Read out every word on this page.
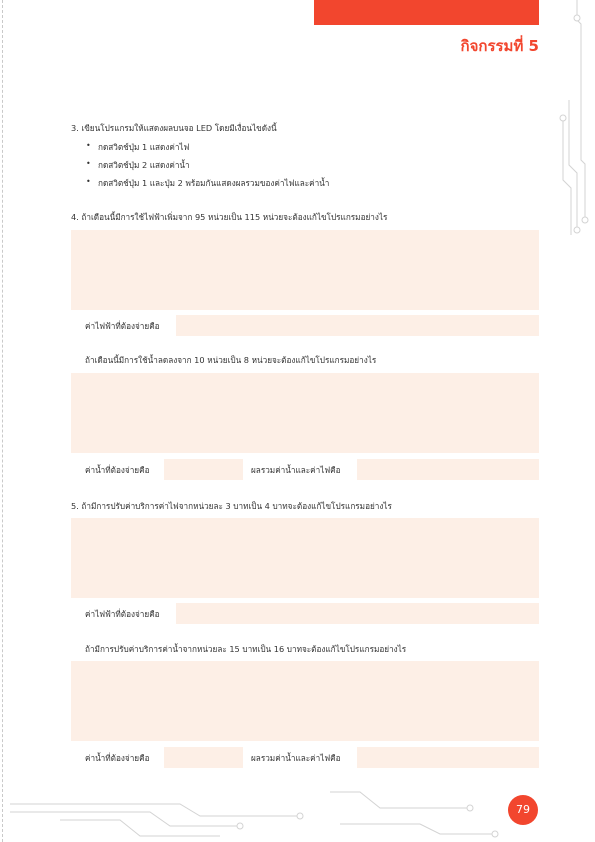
กิจกรรมที่ 5
3. เขียนโปรแกรมให้แสดงผลบนจอ LED โดยมีเงื่อนไขดังนี้
• กดสวิตช์ปุ่ม 1 แสดงค่าไฟ
• กดสวิตช์ปุ่ม 2 แสดงค่าน้ำ
• กดสวิตช์ปุ่ม 1 และปุ่ม 2 พร้อมกันแสดงผลรวมของค่าไฟและค่าน้ำ
4. ถ้าเดือนนี้มีการใช้ไฟฟ้าเพิ่มจาก 95 หน่วยเป็น 115 หน่วยจะต้องแก้ไขโปรแกรมอย่างไร
ค่าไฟฟ้าที่ต้องจ่ายคือ
ถ้าเดือนนี้มีการใช้น้ำลดลงจาก 10 หน่วยเป็น 8 หน่วยจะต้องแก้ไขโปรแกรมอย่างไร
ค่าน้ำที่ต้องจ่ายคือ	ผลรวมค่าน้ำและค่าไฟคือ
5. ถ้ามีการปรับค่าบริการค่าไฟจากหน่วยละ 3 บาทเป็น 4 บาทจะต้องแก้ไขโปรแกรมอย่างไร
ค่าไฟฟ้าที่ต้องจ่ายคือ
ถ้ามีการปรับค่าบริการค่าน้ำจากหน่วยละ 15 บาทเป็น 16 บาทจะต้องแก้ไขโปรแกรมอย่างไร
ค่าน้ำที่ต้องจ่ายคือ	ผลรวมค่าน้ำและค่าไฟคือ
79
